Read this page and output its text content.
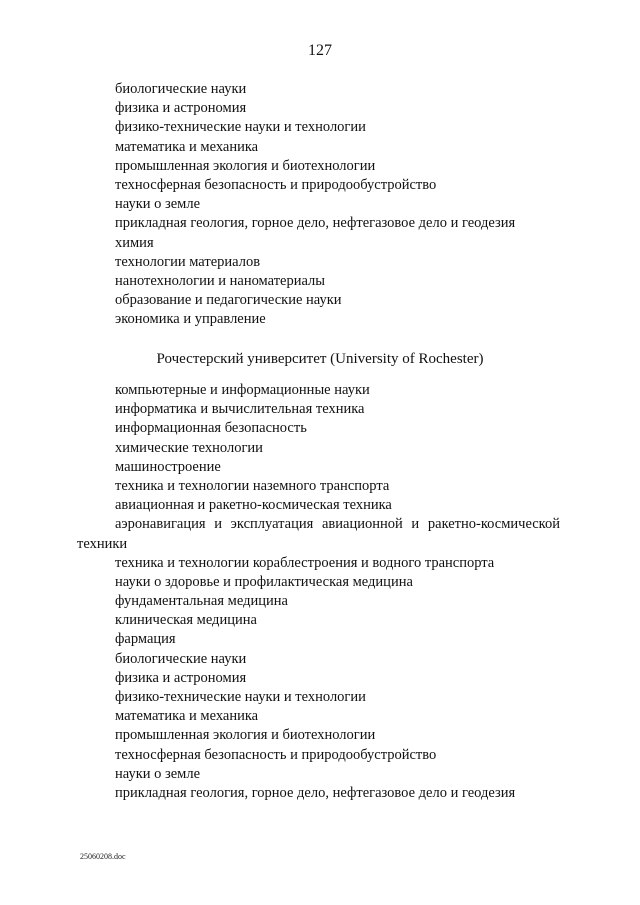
127
биологические науки
физика и астрономия
физико-технические науки и технологии
математика и механика
промышленная экология и биотехнологии
техносферная безопасность и природообустройство
науки о земле
прикладная геология, горное дело, нефтегазовое дело и геодезия
химия
технологии материалов
нанотехнологии и наноматериалы
образование и педагогические науки
экономика и управление
Рочестерский университет (University of Rochester)
компьютерные и информационные науки
информатика и вычислительная техника
информационная безопасность
химические технологии
машиностроение
техника и технологии наземного транспорта
авиационная и ракетно-космическая техника
аэронавигация и эксплуатация авиационной и ракетно-космической техники
техника и технологии кораблестроения и водного транспорта
науки о здоровье и профилактическая медицина
фундаментальная медицина
клиническая медицина
фармация
биологические науки
физика и астрономия
физико-технические науки и технологии
математика и механика
промышленная экология и биотехнологии
техносферная безопасность и природообустройство
науки о земле
прикладная геология, горное дело, нефтегазовое дело и геодезия
25060208.doc
